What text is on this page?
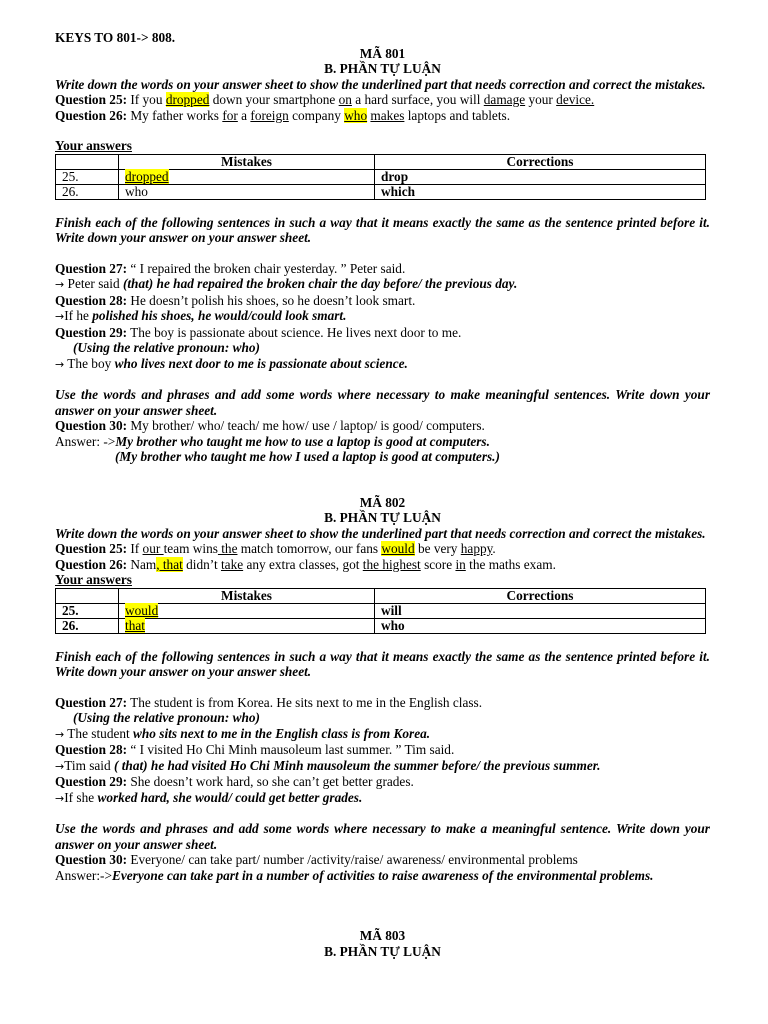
KEYS TO 801-> 808.
MÃ 801
B. PHẦN TỰ LUẬN
Write down the words on your answer sheet to show the underlined part that needs correction and correct the mistakes.
Question 25: If you dropped down your smartphone on a hard surface, you will damage your device.
Question 26: My father works for a foreign company who makes laptops and tablets.
Your answers
	Mistakes	Corrections
25.	dropped	drop
26.	who	which
Finish each of the following sentences in such a way that it means exactly the same as the sentence printed before it. Write down your answer on your answer sheet.
Question 27: “ I repaired the broken chair yesterday. ” Peter said.
→ Peter said (that) he had repaired the broken chair the day before/ the previous day.
Question 28: He doesn’t polish his shoes, so he doesn’t look smart.
→If he polished his shoes, he would/could look smart.
Question 29: The boy is passionate about science. He lives next door to me.
(Using the relative pronoun: who)
→ The boy who lives next door to me is passionate about science.
Use the words and phrases and add some words where necessary to make meaningful sentences. Write down your answer on your answer sheet.
Question 30: My brother/ who/ teach/ me how/ use / laptop/ is good/ computers.
Answer: ->My brother who taught me how to use a laptop is good at computers.
(My brother who taught me how I used a laptop is good at computers.)
MÃ 802
B. PHẦN TỰ LUẬN
Write down the words on your answer sheet to show the underlined part that needs correction and correct the mistakes.
Question 25: If our team wins the match tomorrow, our fans would be very happy.
Question 26: Nam, that didn’t take any extra classes, got the highest score in the maths exam.
Your answers
	Mistakes	Corrections
25.	would	will
26.	that	who
Finish each of the following sentences in such a way that it means exactly the same as the sentence printed before it. Write down your answer on your answer sheet.
Question 27: The student is from Korea. He sits next to me in the English class.
(Using the relative pronoun: who)
→ The student who sits next to me in the English class is from Korea.
Question 28: “ I visited Ho Chi Minh mausoleum last summer. ” Tim said.
→Tim said ( that) he had visited Ho Chi Minh mausoleum the summer before/ the previous summer.
Question 29: She doesn’t work hard, so she can’t get better grades.
→If she worked hard, she would/ could get better grades.
Use the words and phrases and add some words where necessary to make a meaningful sentence. Write down your answer on your answer sheet.
Question 30: Everyone/ can take part/ number /activity/raise/ awareness/ environmental problems
Answer:->Everyone can take part in a number of activities to raise awareness of the environmental problems.
MÃ 803
B. PHẦN TỰ LUẬN
